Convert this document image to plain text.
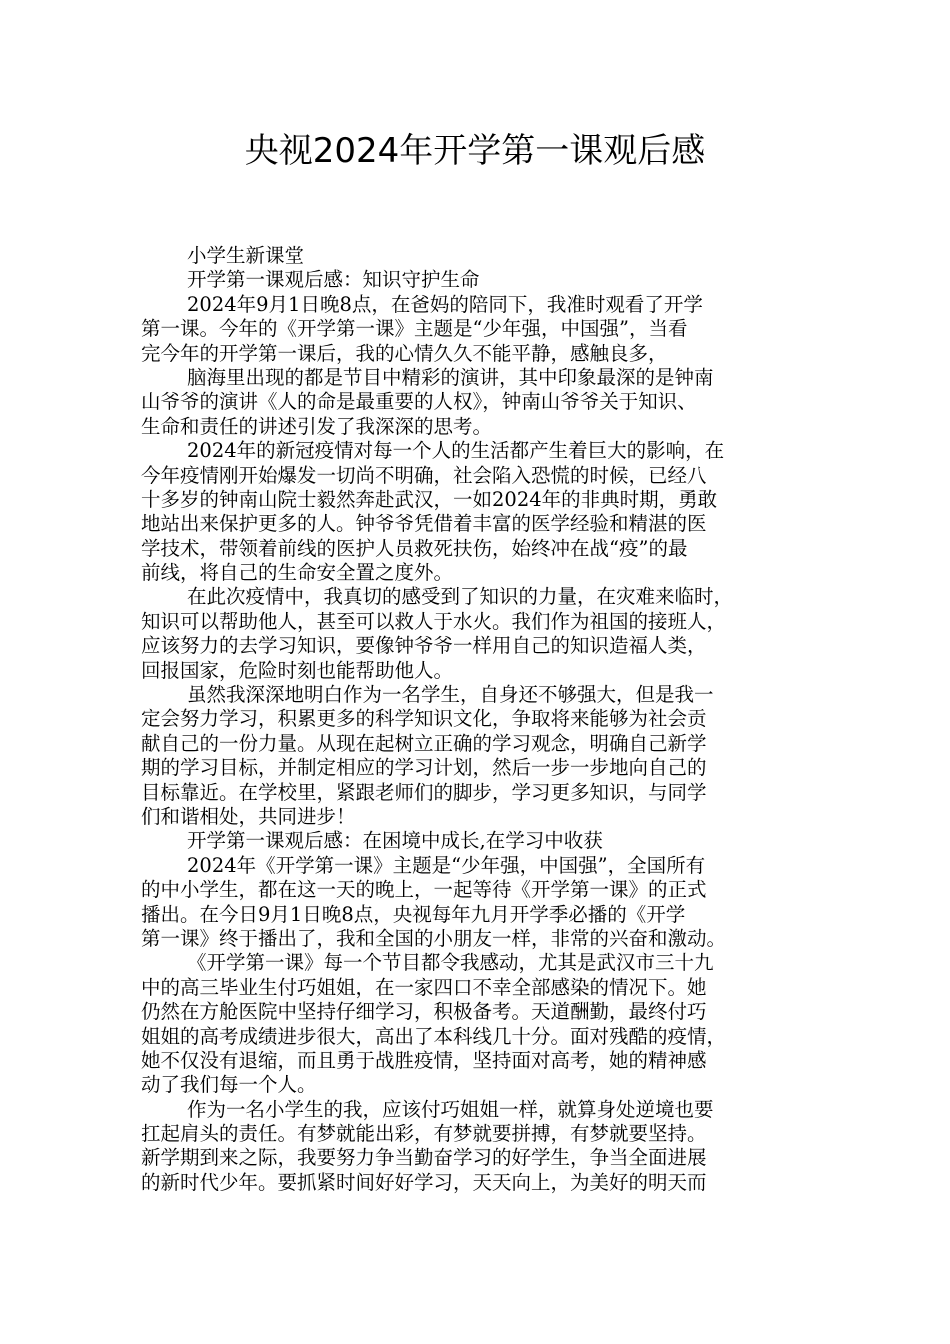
央视2024年开学第一课观后感
小学生新课堂
开学第一课观后感：知识守护生命
2024年9月1日晚8点，在爸妈的陪同下，我准时观看了开学
第一课。今年的《开学第一课》主题是“少年强，中国强”，当看
完今年的开学第一课后，我的心情久久不能平静，感触良多，
脑海里出现的都是节目中精彩的演讲，其中印象最深的是钟南
山爷爷的演讲《人的命是最重要的人权》，钟南山爷爷关于知识、
生命和责任的讲述引发了我深深的思考。
2024年的新冠疫情对每一个人的生活都产生着巨大的影响，在
今年疫情刚开始爆发一切尚不明确，社会陷入恐慌的时候，已经八
十多岁的钟南山院士毅然奔赴武汉，一如2024年的非典时期，勇敢
地站出来保护更多的人。钟爷爷凭借着丰富的医学经验和精湛的医
学技术，带领着前线的医护人员救死扶伤，始终冲在战“疫”的最
前线，将自己的生命安全置之度外。
在此次疫情中，我真切的感受到了知识的力量，在灾难来临时，
知识可以帮助他人，甚至可以救人于水火。我们作为祖国的接班人，
应该努力的去学习知识，要像钟爷爷一样用自己的知识造福人类，
回报国家，危险时刻也能帮助他人。
虽然我深深地明白作为一名学生，自身还不够强大，但是我一
定会努力学习，积累更多的科学知识文化，争取将来能够为社会贡
献自己的一份力量。从现在起树立正确的学习观念，明确自己新学
期的学习目标，并制定相应的学习计划，然后一步一步地向自己的
目标靠近。在学校里，紧跟老师们的脚步，学习更多知识，与同学
们和谐相处，共同进步！
开学第一课观后感：在困境中成长,在学习中收获
2024年《开学第一课》主题是“少年强，中国强”，全国所有
的中小学生，都在这一天的晚上，一起等待《开学第一课》的正式
播出。在今日9月1日晚8点，央视每年九月开学季必播的《开学
第一课》终于播出了，我和全国的小朋友一样，非常的兴奋和激动。
《开学第一课》每一个节目都令我感动，尤其是武汉市三十九
中的高三毕业生付巧姐姐，在一家四口不幸全部感染的情况下。她
仍然在方舱医院中坚持仔细学习，积极备考。天道酬勤，最终付巧
姐姐的高考成绩进步很大，高出了本科线几十分。面对残酷的疫情，
她不仅没有退缩，而且勇于战胜疫情，坚持面对高考，她的精神感
动了我们每一个人。
作为一名小学生的我，应该付巧姐姐一样，就算身处逆境也要
扛起肩头的责任。有梦就能出彩，有梦就要拼搏，有梦就要坚持。
新学期到来之际，我要努力争当勤奋学习的好学生，争当全面进展
的新时代少年。要抓紧时间好好学习，天天向上，为美好的明天而
